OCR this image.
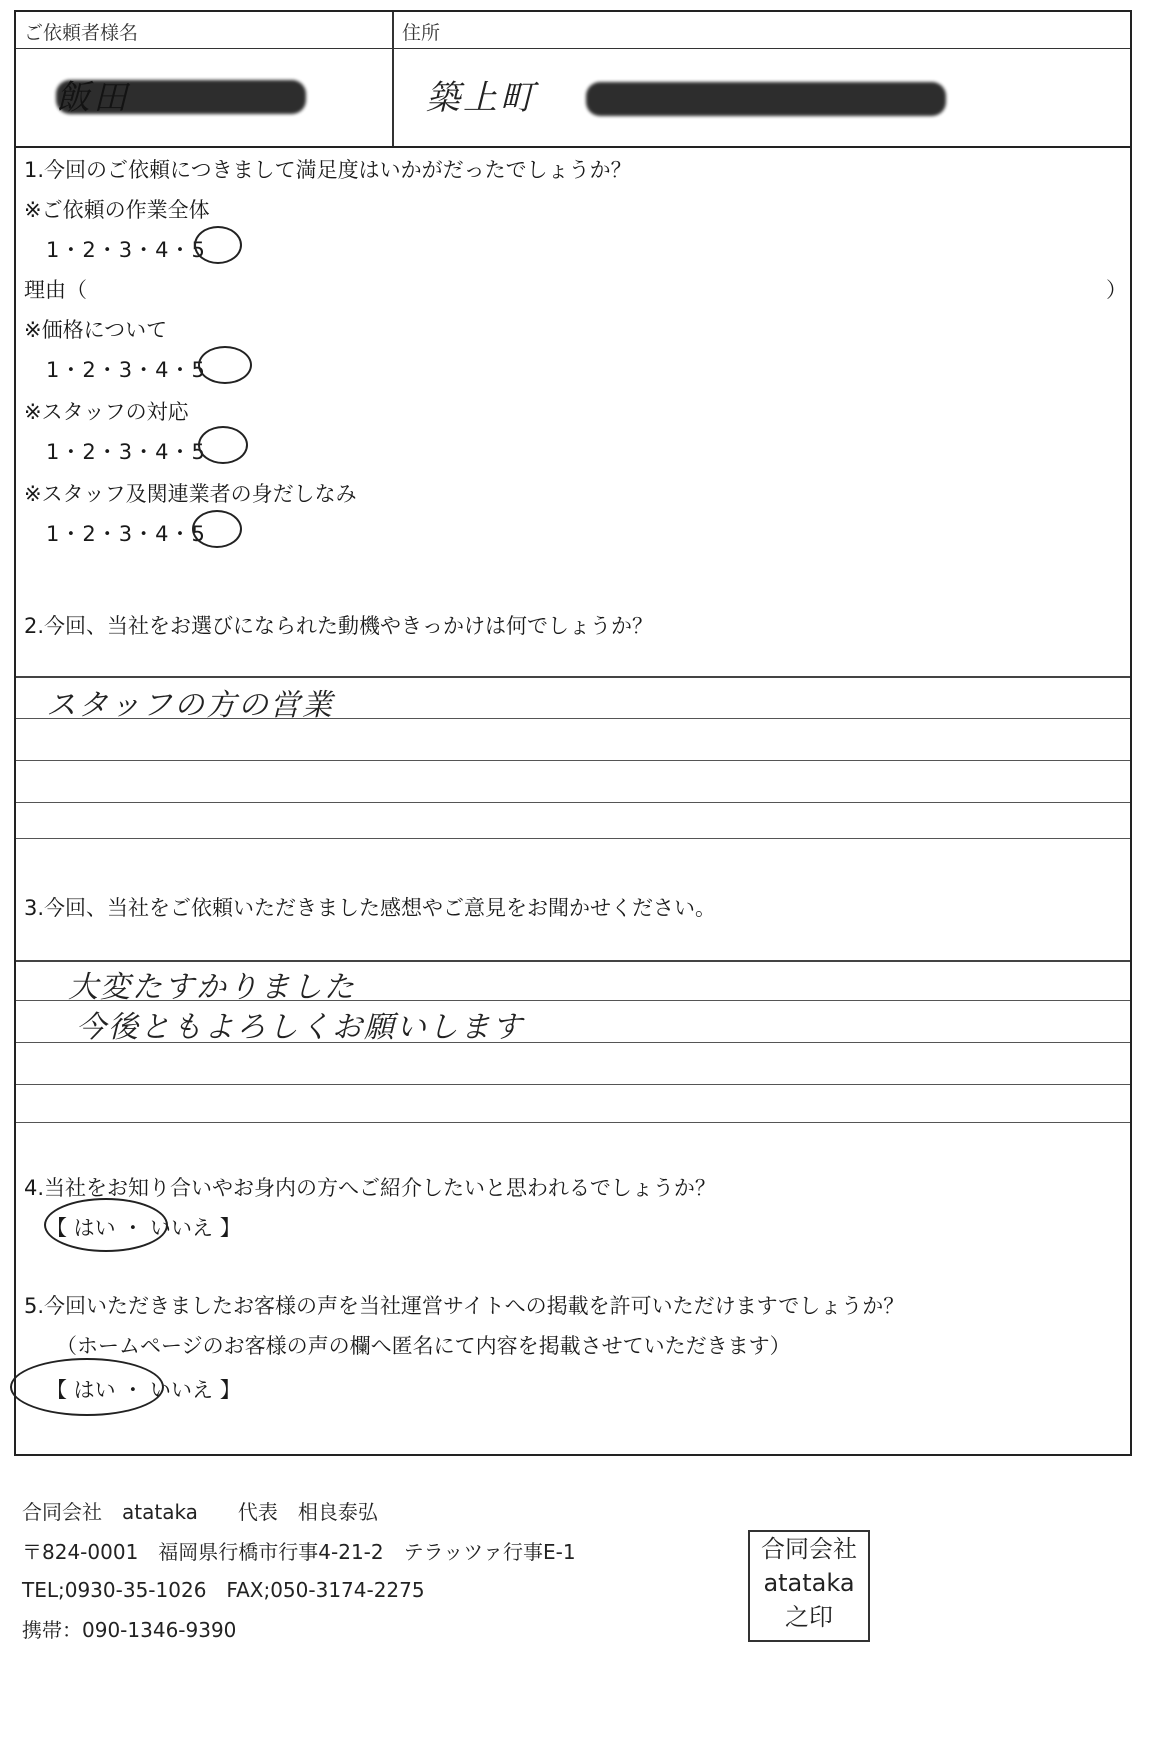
ご依頼者様名	住所
築上町
1.今回のご依頼につきまして満足度はいかがだったでしょうか？
※ご依頼の作業全体
1・2・3・4・5
理由（	）
※価格について
1・2・3・4・5
※スタッフの対応
1・2・3・4・5
※スタッフ及関連業者の身だしなみ
1・2・3・4・5
2.今回、当社をお選びになられた動機やきっかけは何でしょうか？
スタッフの方の営業
3.今回、当社をご依頼いただきました感想やご意見をお聞かせください。
大変たすかりました
今後ともよろしくお願いします
4.当社をお知り合いやお身内の方へご紹介したいと思われるでしょうか？
【 はい ・ いいえ 】
5.今回いただきましたお客様の声を当社運営サイトへの掲載を許可いただけますでしょうか？
（ホームページのお客様の声の欄へ匿名にて内容を掲載させていただきます）
【 はい ・ いいえ 】
合同会社　atataka　　代表　相良泰弘
〒824-0001　福岡県行橋市行事4-21-2　テラッツァ行事E-1
TEL;0930-35-1026　FAX;050-3174-2275
携帯：090-1346-9390
合同会社
atataka
之印
